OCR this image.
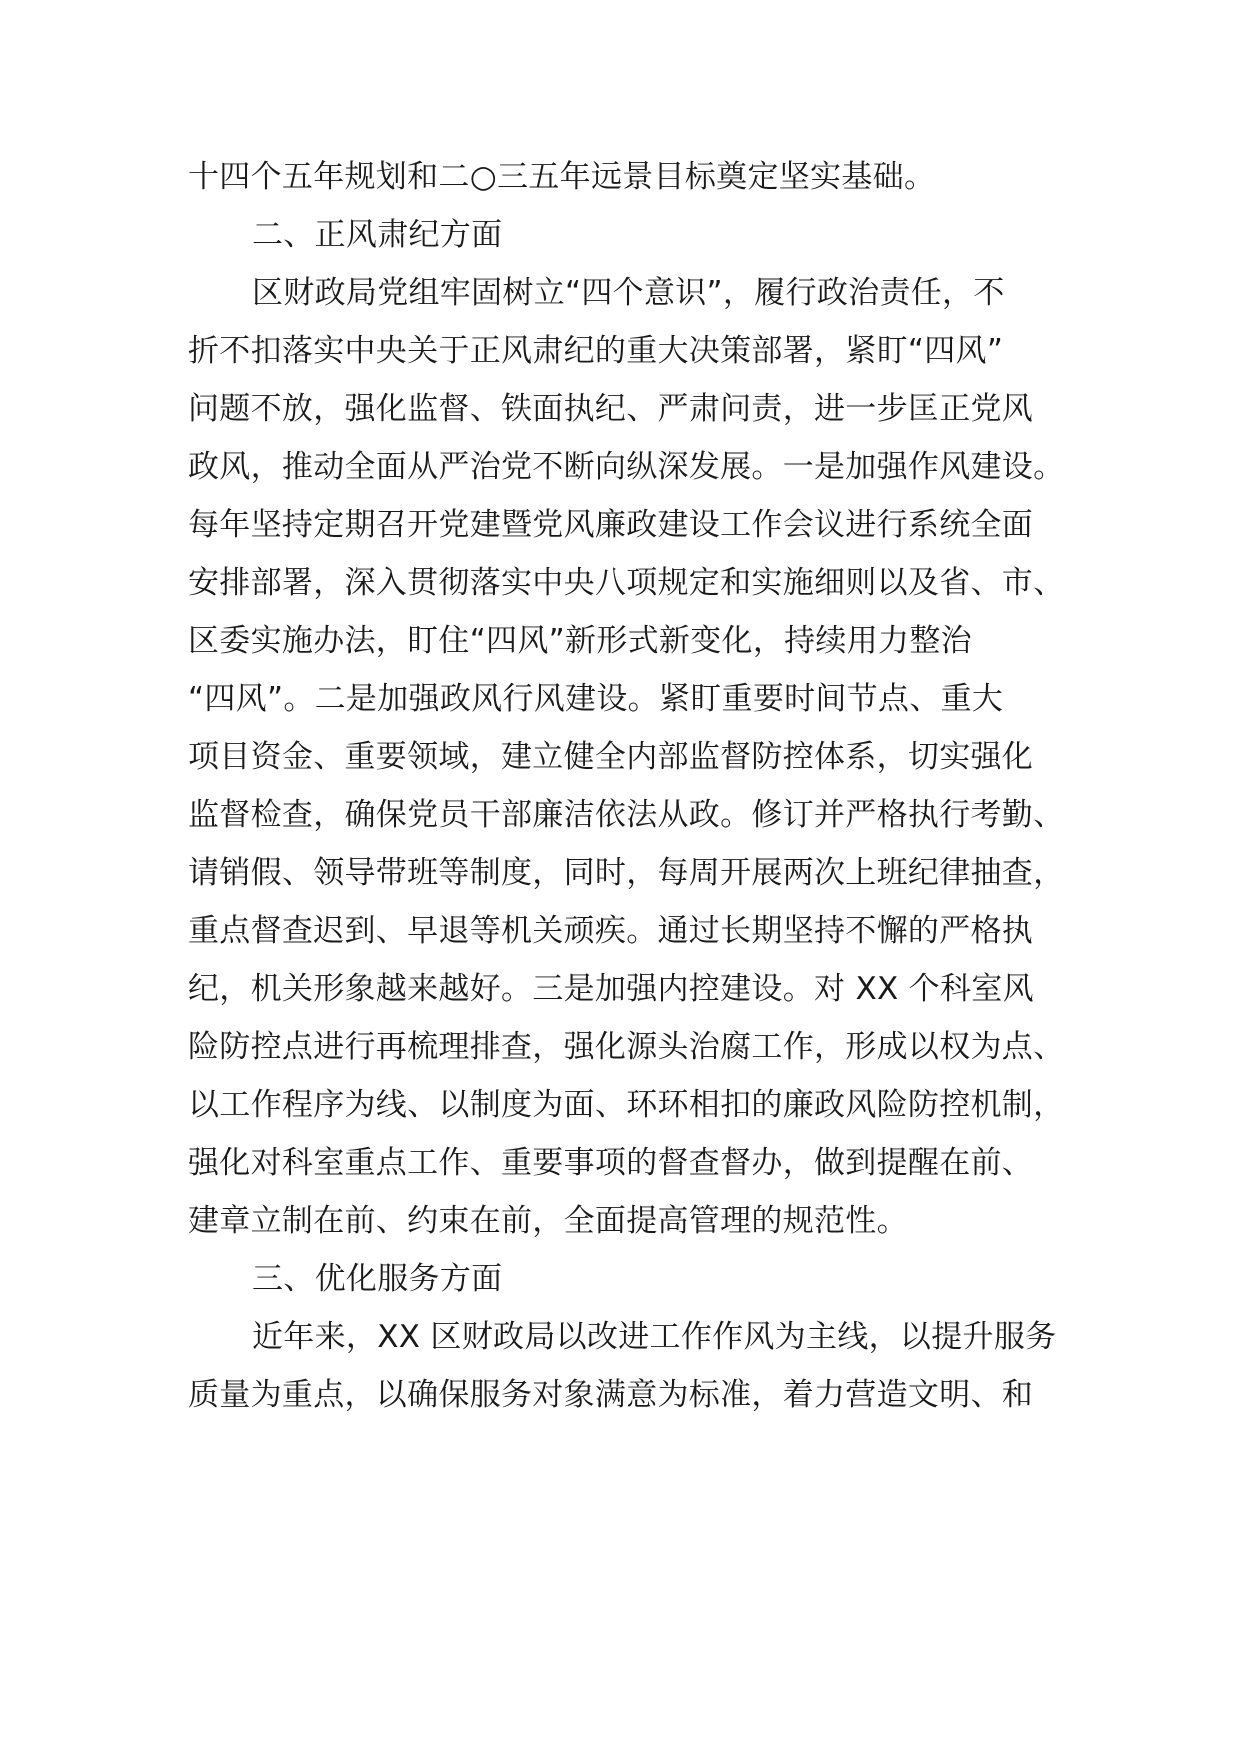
十四个五年规划和二○三五年远景目标奠定坚实基础。
二、正风肃纪方面
区财政局党组牢固树立“四个意识”，履行政治责任，不
折不扣落实中央关于正风肃纪的重大决策部署，紧盯“四风”
问题不放，强化监督、铁面执纪、严肃问责，进一步匡正党风
政风，推动全面从严治党不断向纵深发展。一是加强作风建设。
每年坚持定期召开党建暨党风廉政建设工作会议进行系统全面
安排部署，深入贯彻落实中央八项规定和实施细则以及省、市、
区委实施办法，盯住“四风”新形式新变化，持续用力整治
“四风”。二是加强政风行风建设。紧盯重要时间节点、重大
项目资金、重要领域，建立健全内部监督防控体系，切实强化
监督检查，确保党员干部廉洁依法从政。修订并严格执行考勤、
请销假、领导带班等制度，同时，每周开展两次上班纪律抽查，
重点督查迟到、早退等机关顽疾。通过长期坚持不懈的严格执
纪，机关形象越来越好。三是加强内控建设。对 XX 个科室风
险防控点进行再梳理排查，强化源头治腐工作，形成以权为点、
以工作程序为线、以制度为面、环环相扣的廉政风险防控机制，
强化对科室重点工作、重要事项的督查督办，做到提醒在前、
建章立制在前、约束在前，全面提高管理的规范性。
三、优化服务方面
近年来，XX 区财政局以改进工作作风为主线，以提升服务
质量为重点，以确保服务对象满意为标准，着力营造文明、和
